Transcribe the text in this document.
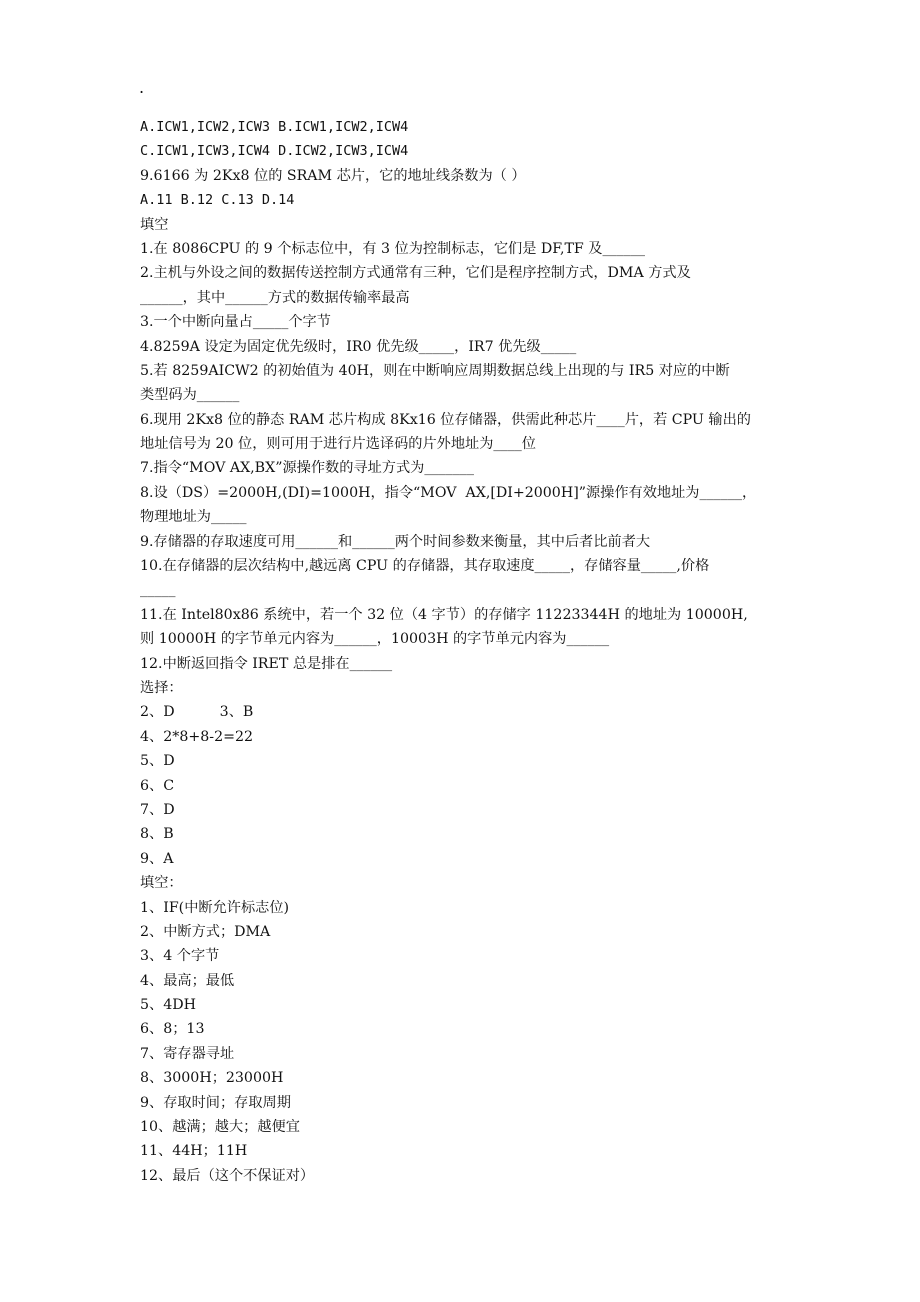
.
A.ICW1,ICW2,ICW3 B.ICW1,ICW2,ICW4
C.ICW1,ICW3,ICW4 D.ICW2,ICW3,ICW4
9.6166 为 2Kx8 位的 SRAM 芯片，它的地址线条数为（ ）
A.11 B.12 C.13 D.14
填空
1.在 8086CPU 的 9 个标志位中，有 3 位为控制标志，它们是 DF,TF 及______
2.主机与外设之间的数据传送控制方式通常有三种，它们是程序控制方式，DMA 方式及
______，其中______方式的数据传输率最高
3.一个中断向量占_____个字节
4.8259A 设定为固定优先级时，IR0 优先级_____，IR7 优先级_____
5.若 8259AICW2 的初始值为 40H，则在中断响应周期数据总线上出现的与 IR5 对应的中断
类型码为______
6.现用 2Kx8 位的静态 RAM 芯片构成 8Kx16 位存储器，供需此种芯片____片，若 CPU 输出的
地址信号为 20 位，则可用于进行片选译码的片外地址为____位
7.指令“MOV AX,BX”源操作数的寻址方式为_______
8.设（DS）=2000H,(DI)=1000H，指令“MOV  AX,[DI+2000H]”源操作有效地址为______，
物理地址为_____
9.存储器的存取速度可用______和______两个时间参数来衡量，其中后者比前者大
10.在存储器的层次结构中,越远离 CPU 的存储器，其存取速度_____，存储容量_____,价格
_____
11.在 Intel80x86 系统中，若一个 32 位（4 字节）的存储字 11223344H 的地址为 10000H,
则 10000H 的字节单元内容为______，10003H 的字节单元内容为______
12.中断返回指令 IRET 总是排在______
选择：
2、D          3、B
4、2*8+8-2=22
5、D
6、C
7、D
8、B
9、A
填空：
1、IF(中断允许标志位)
2、中断方式；DMA
3、4 个字节
4、最高；最低
5、4DH
6、8；13
7、寄存器寻址
8、3000H；23000H
9、存取时间；存取周期
10、越满；越大；越便宜
11、44H；11H
12、最后（这个不保证对）
